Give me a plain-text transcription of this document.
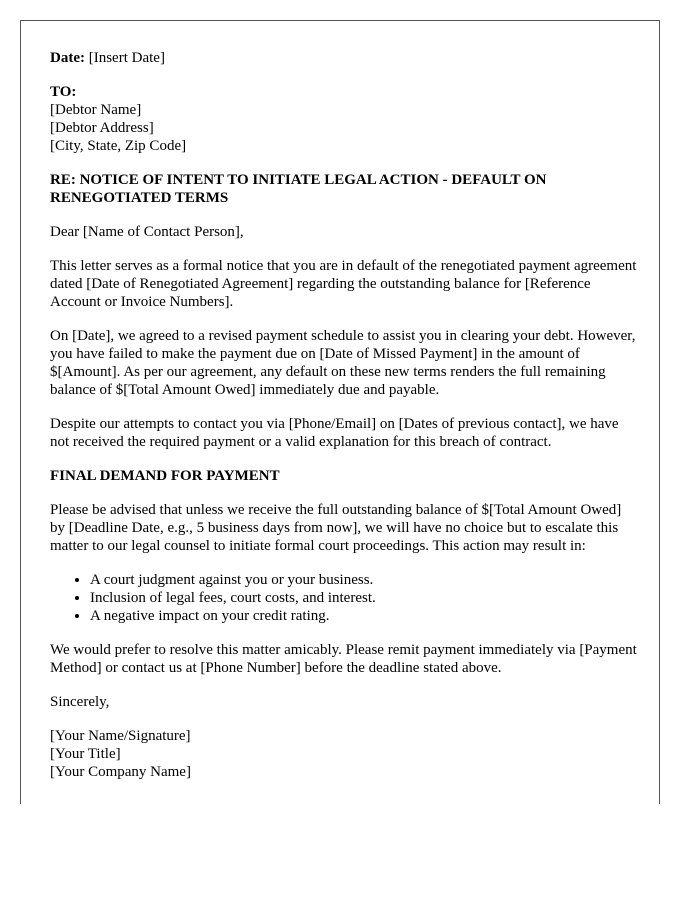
Date: [Insert Date]

TO:
[Debtor Name]
[Debtor Address]
[City, State, Zip Code]

RE: NOTICE OF INTENT TO INITIATE LEGAL ACTION - DEFAULT ON RENEGOTIATED TERMS

Dear [Name of Contact Person],

This letter serves as a formal notice that you are in default of the renegotiated payment agreement dated [Date of Renegotiated Agreement] regarding the outstanding balance for [Reference Account or Invoice Numbers].

On [Date], we agreed to a revised payment schedule to assist you in clearing your debt. However, you have failed to make the payment due on [Date of Missed Payment] in the amount of $[Amount]. As per our agreement, any default on these new terms renders the full remaining balance of $[Total Amount Owed] immediately due and payable.

Despite our attempts to contact you via [Phone/Email] on [Dates of previous contact], we have not received the required payment or a valid explanation for this breach of contract.

FINAL DEMAND FOR PAYMENT

Please be advised that unless we receive the full outstanding balance of $[Total Amount Owed] by [Deadline Date, e.g., 5 business days from now], we will have no choice but to escalate this matter to our legal counsel to initiate formal court proceedings. This action may result in:

• A court judgment against you or your business.
• Inclusion of legal fees, court costs, and interest.
• A negative impact on your credit rating.

We would prefer to resolve this matter amicably. Please remit payment immediately via [Payment Method] or contact us at [Phone Number] before the deadline stated above.

Sincerely,

[Your Name/Signature]
[Your Title]
[Your Company Name]
